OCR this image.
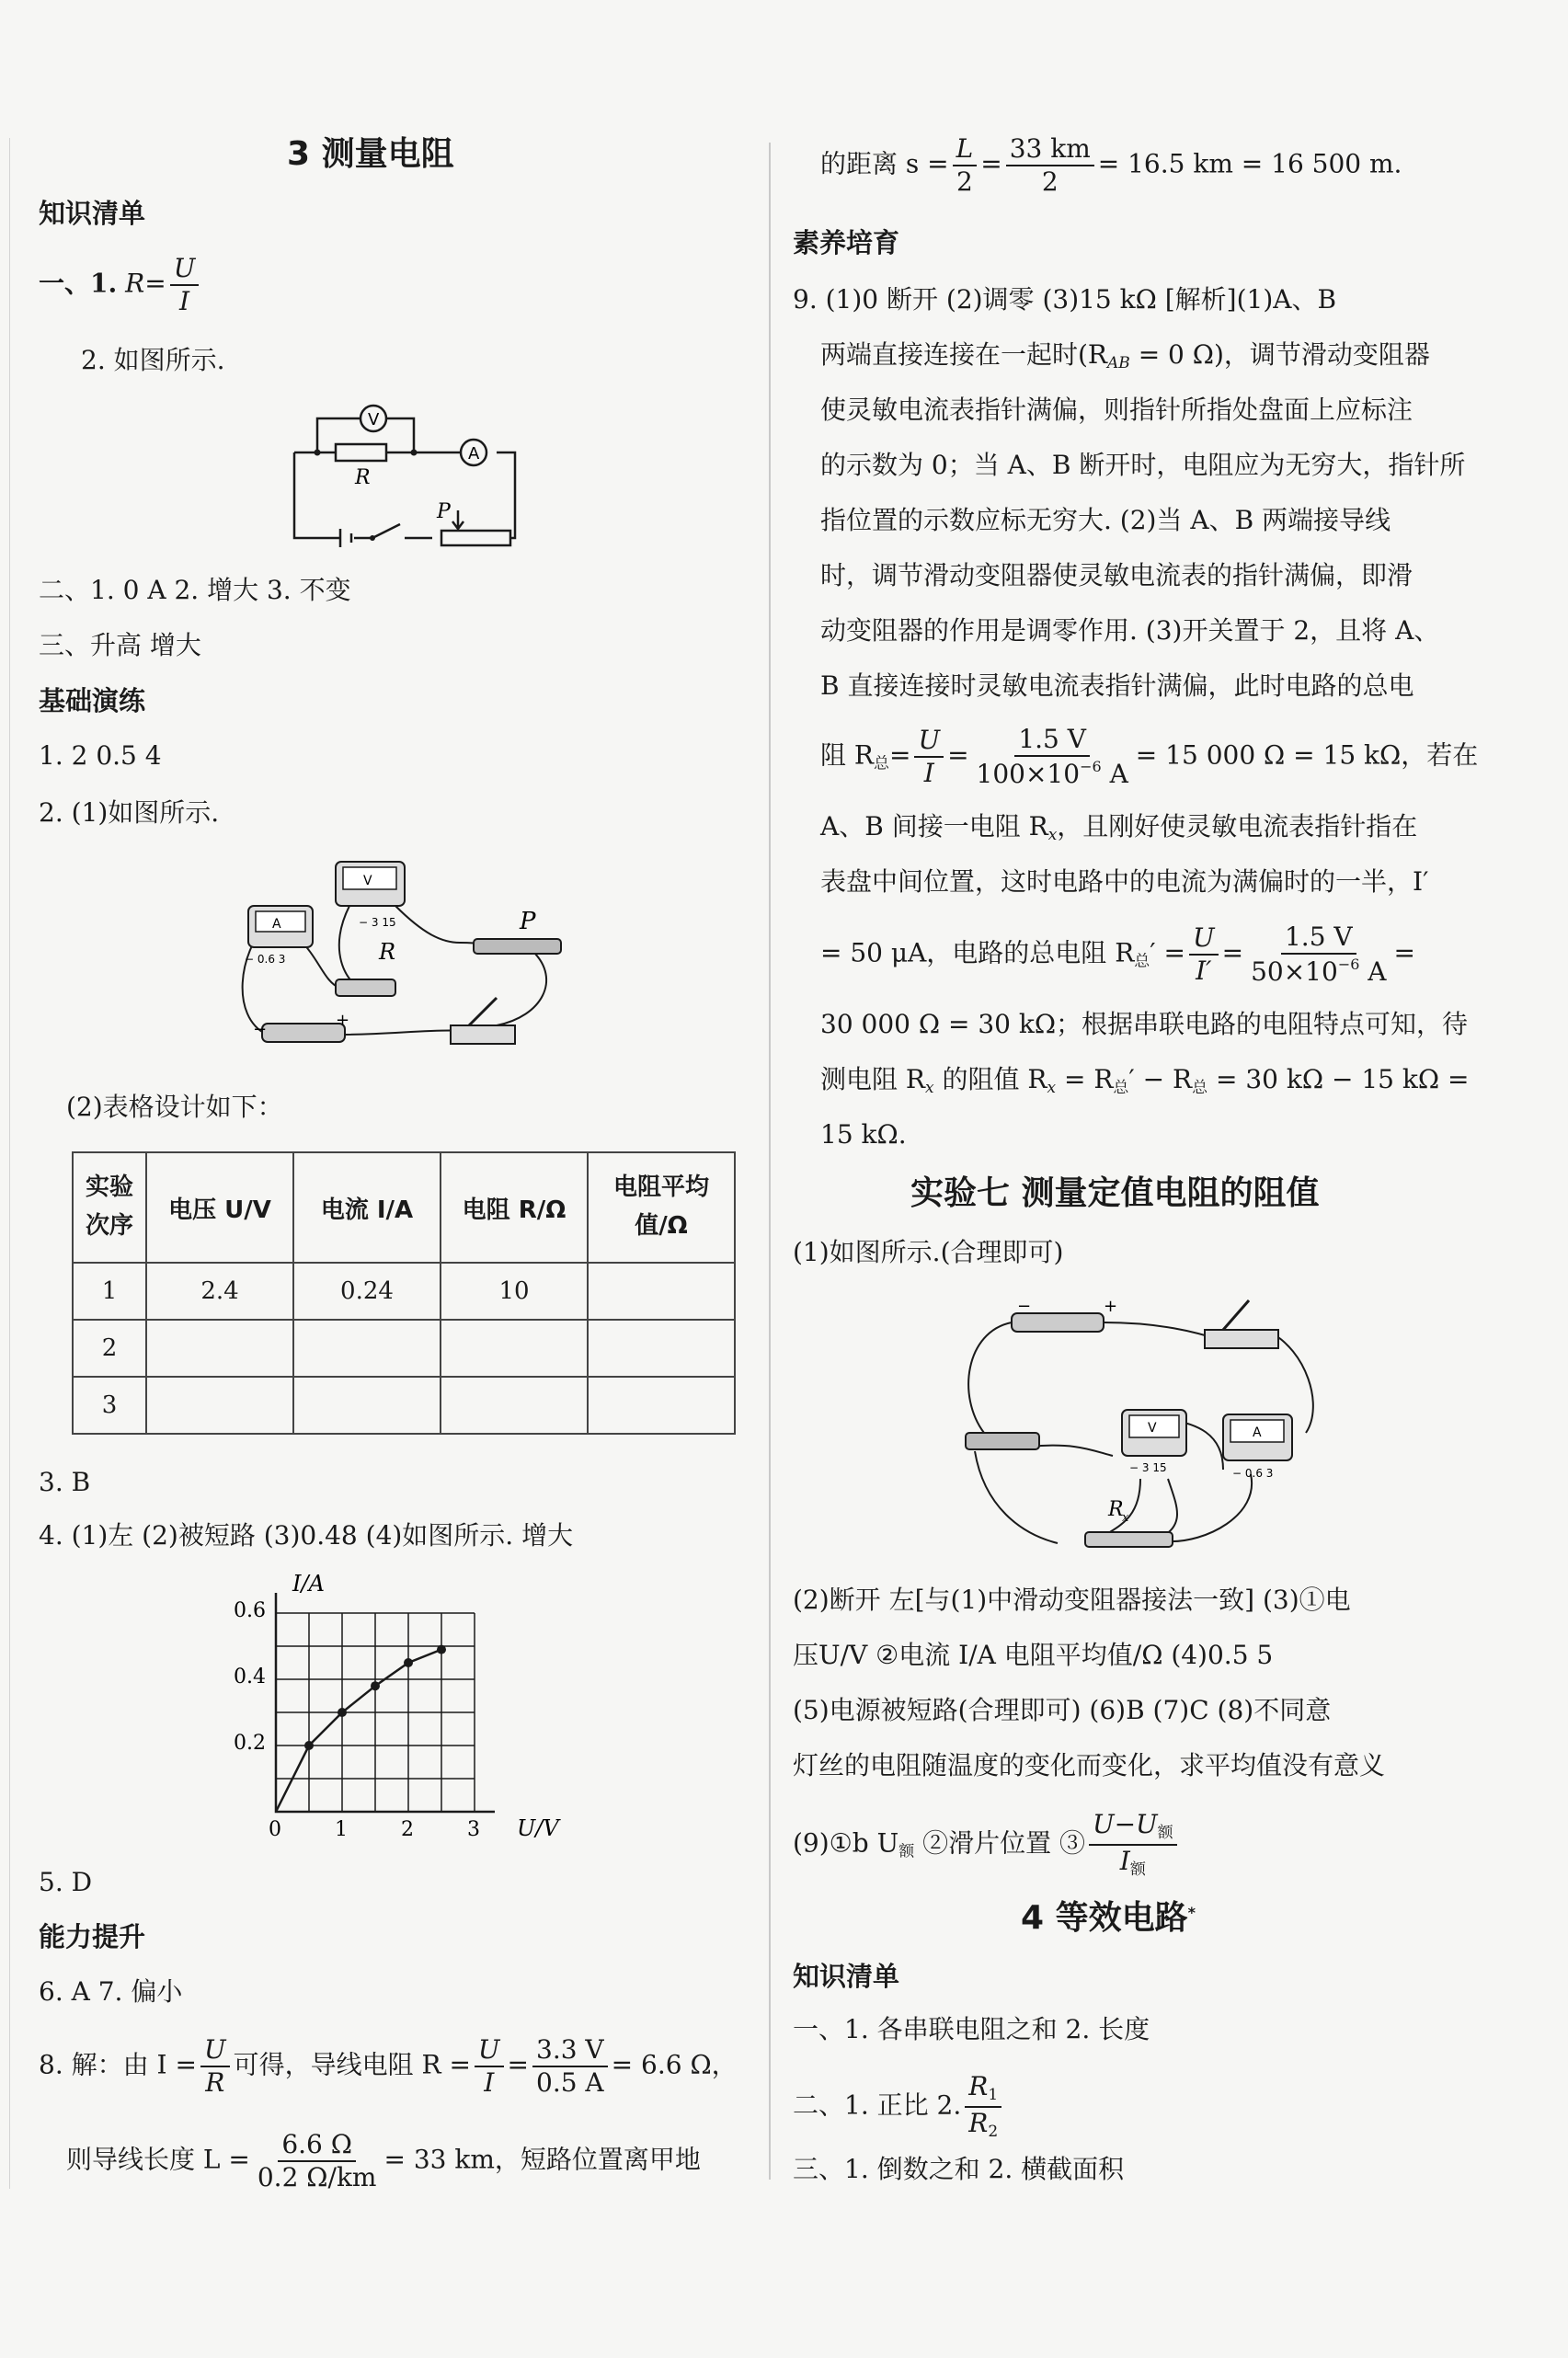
3 测量电阻
知识清单
一、1. $R= \frac{U}{I}$
2. 如图所示.
V
A
R
P
二、1. 0 A 2. 增大 3. 不变
三、升高 增大
基础演练
1. 2 0.5 4
2. (1)如图所示.
A
− 0.6 3
V
− 3 15
R
P
−	+
(2)表格设计如下：
实验
次序	电压 U/V	电流 I/A	电阻 R/Ω	电阻平均
值/Ω
1	2.4	0.24	10	
2				
3				
3. B
4. (1)左 (2)被短路 (3)0.48 (4)如图所示. 增大
I/A
U/V
0.6
0.4
0.2
0	1	2	3
5. D
能力提升
6. A 7. 偏小
8. 解：由 $I = \frac{U}{R}$ 可得，导线电阻 $R = \frac{U}{I} = \frac{3.3 V}{0.5 A} = 6.6$ Ω，
则导线长度 $L = \frac{6.6 \Omega}{0.2 \Omega/km} = 33$ km，短路位置离甲地
的距离 $s = \frac{L}{2} = \frac{33 km}{2} = 16.5$ km = 16 500 m.
素养培育
9. (1)0 断开 (2)调零 (3)15 kΩ [解析](1)A、B
两端直接连接在一起时($R_{AB} = 0$ Ω)，调节滑动变阻器
使灵敏电流表指针满偏，则指针所指处盘面上应标注
的示数为 0；当 A、B 断开时，电阻应为无穷大，指针所
指位置的示数应标无穷大. (2)当 A、B 两端接导线
时，调节滑动变阻器使灵敏电流表的指针满偏，即滑
动变阻器的作用是调零作用. (3)开关置于 2，且将 A、
B 直接连接时灵敏电流表指针满偏，此时电路的总电
阻 $R_总= \frac{U}{I} = \frac{1.5 V}{100\times 10^{-6} A} = 15$ 000 Ω = 15 kΩ，若在
A、B 间接一电阻 $R_x$，且刚好使灵敏电流表指针指在
表盘中间位置，这时电路中的电流为满偏时的一半，I′
= 50 μA，电路的总电阻 $R_总' = \frac{U}{I'} = \frac{1.5 V}{50\times 10^{-6} A}$ =
30 000 Ω = 30 kΩ；根据串联电路的电阻特点可知，待
测电阻 $R_x$ 的阻值 $R_x = R_总' - R_总 = 30$ kΩ − 15 kΩ =
15 kΩ.
实验七 测量定值电阻的阻值
(1)如图所示.(合理即可)
−	+
V
− 3 15
A
− 0.6 3
R
x
(2)断开 左[与(1)中滑动变阻器接法一致] (3)①电
压U/V ②电流 I/A 电阻平均值/Ω (4)0.5 5
(5)电源被短路(合理即可) (6)B (7)C (8)不同意
灯丝的电阻随温度的变化而变化，求平均值没有意义
(9)①b $U_额$ ②滑片位置 ③ $\frac{U-U_额}{I_额}$
4 等效电路*
知识清单
一、1. 各串联电阻之和 2. 长度
二、1. 正比 2. $\frac{R_1}{R_2}$
三、1. 倒数之和 2. 横截面积
